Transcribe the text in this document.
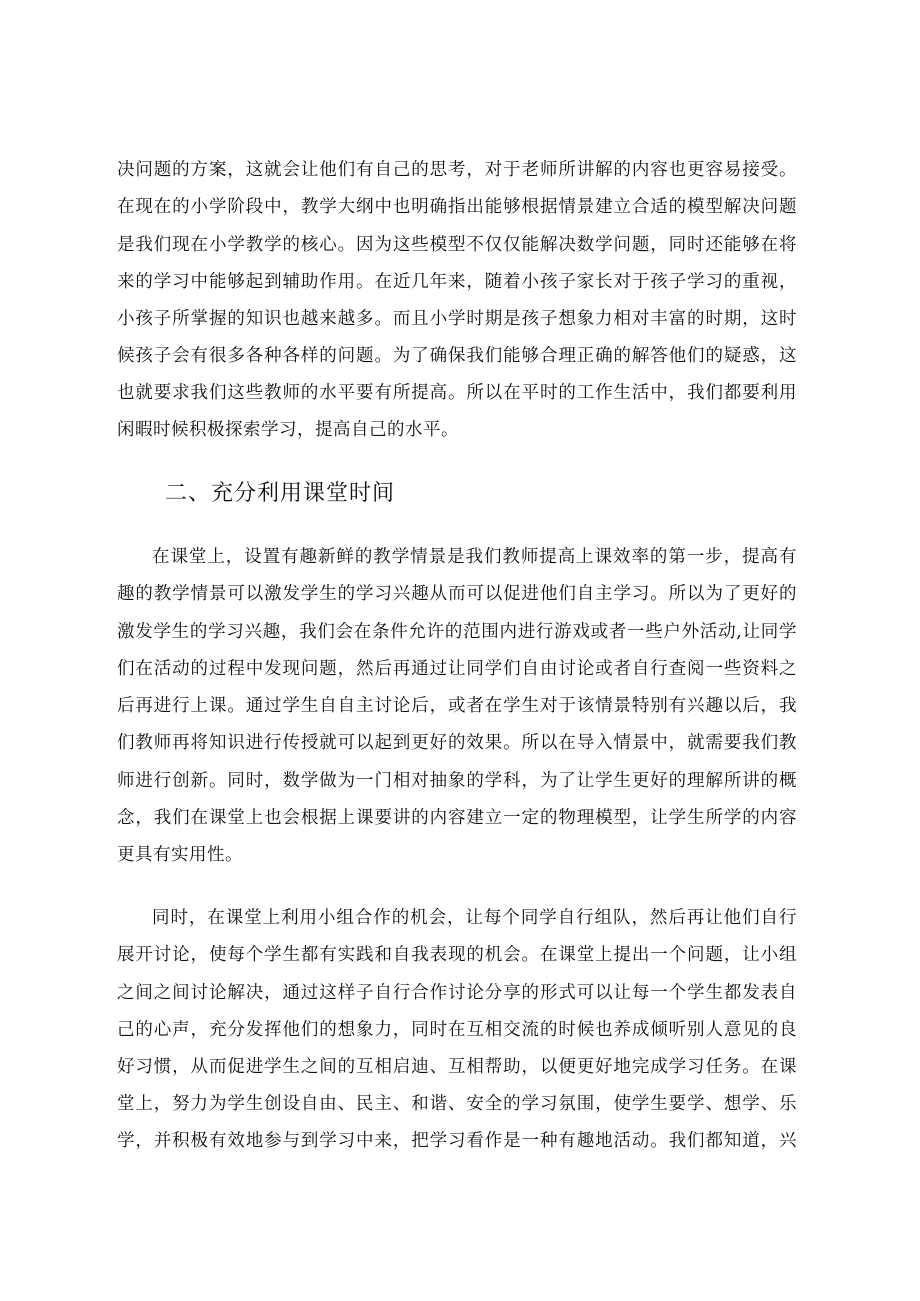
决问题的方案，这就会让他们有自己的思考，对于老师所讲解的内容也更容易接受。
在现在的小学阶段中，教学大纲中也明确指出能够根据情景建立合适的模型解决问题
是我们现在小学教学的核心。因为这些模型不仅仅能解决数学问题，同时还能够在将
来的学习中能够起到辅助作用。在近几年来，随着小孩子家长对于孩子学习的重视，
小孩子所掌握的知识也越来越多。而且小学时期是孩子想象力相对丰富的时期，这时
候孩子会有很多各种各样的问题。为了确保我们能够合理正确的解答他们的疑惑，这
也就要求我们这些教师的水平要有所提高。所以在平时的工作生活中，我们都要利用
闲暇时候积极探索学习，提高自己的水平。
二、充分利用课堂时间
在课堂上，设置有趣新鲜的教学情景是我们教师提高上课效率的第一步，提高有
趣的教学情景可以激发学生的学习兴趣从而可以促进他们自主学习。所以为了更好的
激发学生的学习兴趣，我们会在条件允许的范围内进行游戏或者一些户外活动,让同学
们在活动的过程中发现问题，然后再通过让同学们自由讨论或者自行查阅一些资料之
后再进行上课。通过学生自自主讨论后，或者在学生对于该情景特别有兴趣以后，我
们教师再将知识进行传授就可以起到更好的效果。所以在导入情景中，就需要我们教
师进行创新。同时，数学做为一门相对抽象的学科，为了让学生更好的理解所讲的概
念，我们在课堂上也会根据上课要讲的内容建立一定的物理模型，让学生所学的内容
更具有实用性。
同时，在课堂上利用小组合作的机会，让每个同学自行组队，然后再让他们自行
展开讨论，使每个学生都有实践和自我表现的机会。在课堂上提出一个问题，让小组
之间之间讨论解决，通过这样子自行合作讨论分享的形式可以让每一个学生都发表自
己的心声，充分发挥他们的想象力，同时在互相交流的时候也养成倾听别人意见的良
好习惯，从而促进学生之间的互相启迪、互相帮助，以便更好地完成学习任务。在课
堂上，努力为学生创设自由、民主、和谐、安全的学习氛围，使学生要学、想学、乐
学，并积极有效地参与到学习中来，把学习看作是一种有趣地活动。我们都知道，兴
